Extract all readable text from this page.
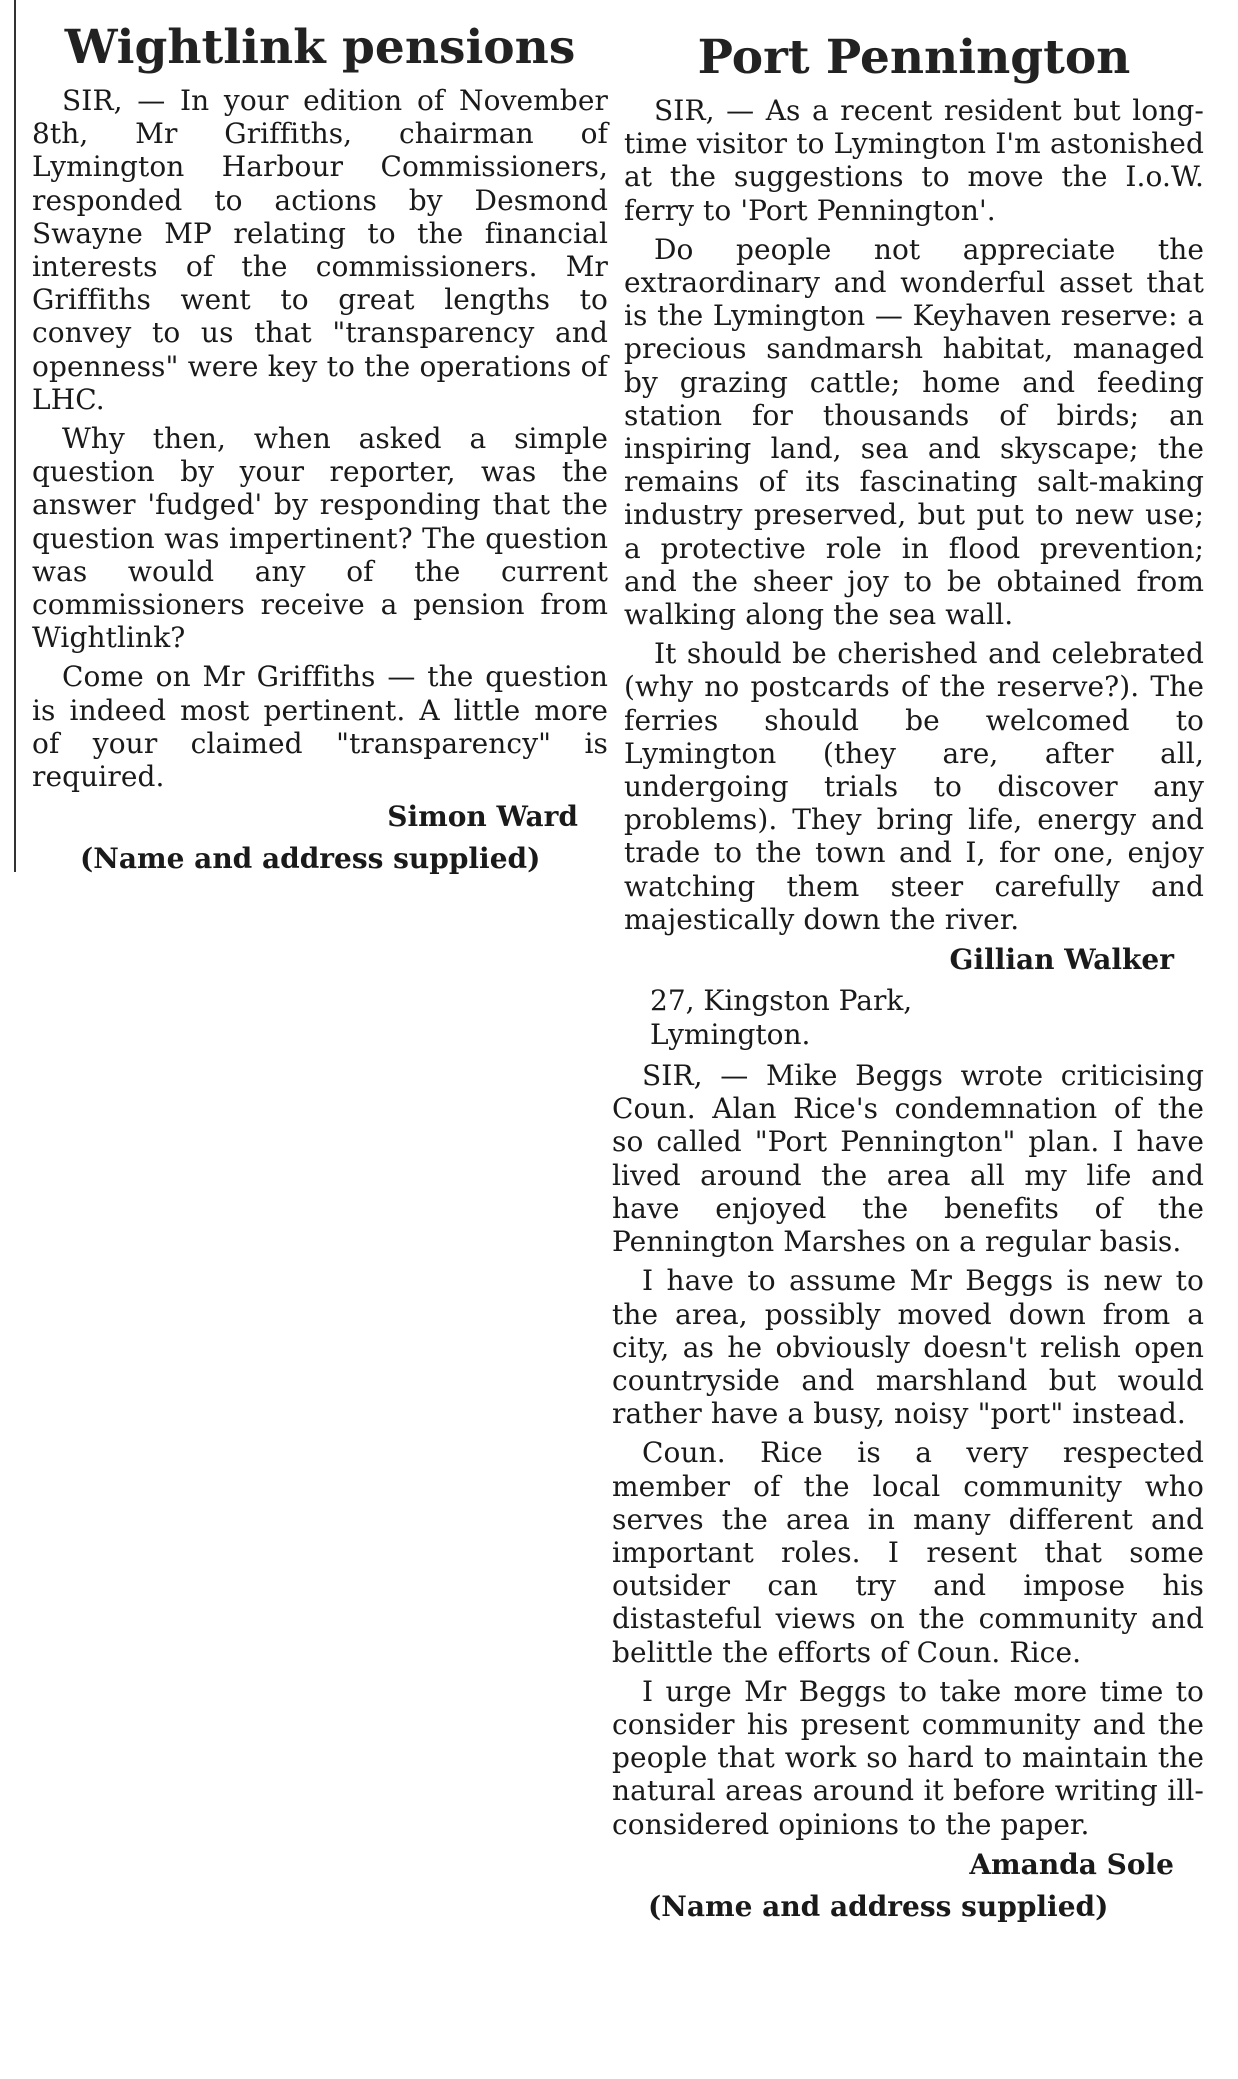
Wightlink pensions

SIR, — In your edition of November 8th, Mr Griffiths, chairman of Lymington Harbour Commissioners, responded to actions by Desmond Swayne MP relating to the financial interests of the commissioners. Mr Griffiths went to great lengths to convey to us that "transparency and openness" were key to the operations of LHC.

Why then, when asked a simple question by your reporter, was the answer 'fudged' by responding that the question was impertinent? The question was would any of the current commissioners receive a pension from Wightlink?

Come on Mr Griffiths — the question is indeed most pertinent. A little more of your claimed "transparency" is required.

Simon Ward
(Name and address supplied)
Port Pennington

SIR, — As a recent resident but long-time visitor to Lymington I'm astonished at the suggestions to move the I.o.W. ferry to 'Port Pennington'.

Do people not appreciate the extraordinary and wonderful asset that is the Lymington — Keyhaven reserve: a precious sandmarsh habitat, managed by grazing cattle; home and feeding station for thousands of birds; an inspiring land, sea and skyscape; the remains of its fascinating salt-making industry preserved, but put to new use; a protective role in flood prevention; and the sheer joy to be obtained from walking along the sea wall.

It should be cherished and celebrated (why no postcards of the reserve?). The ferries should be welcomed to Lymington (they are, after all, undergoing trials to discover any problems). They bring life, energy and trade to the town and I, for one, enjoy watching them steer carefully and majestically down the river.

Gillian Walker
27, Kingston Park,
Lymington.

SIR, — Mike Beggs wrote criticising Coun. Alan Rice's condemnation of the so called "Port Pennington" plan. I have lived around the area all my life and have enjoyed the benefits of the Pennington Marshes on a regular basis.

I have to assume Mr Beggs is new to the area, possibly moved down from a city, as he obviously doesn't relish open countryside and marshland but would rather have a busy, noisy "port" instead.

Coun. Rice is a very respected member of the local community who serves the area in many different and important roles. I resent that some outsider can try and impose his distasteful views on the community and belittle the efforts of Coun. Rice.

I urge Mr Beggs to take more time to consider his present community and the people that work so hard to maintain the natural areas around it before writing ill-considered opinions to the paper.

Amanda Sole
(Name and address supplied)
